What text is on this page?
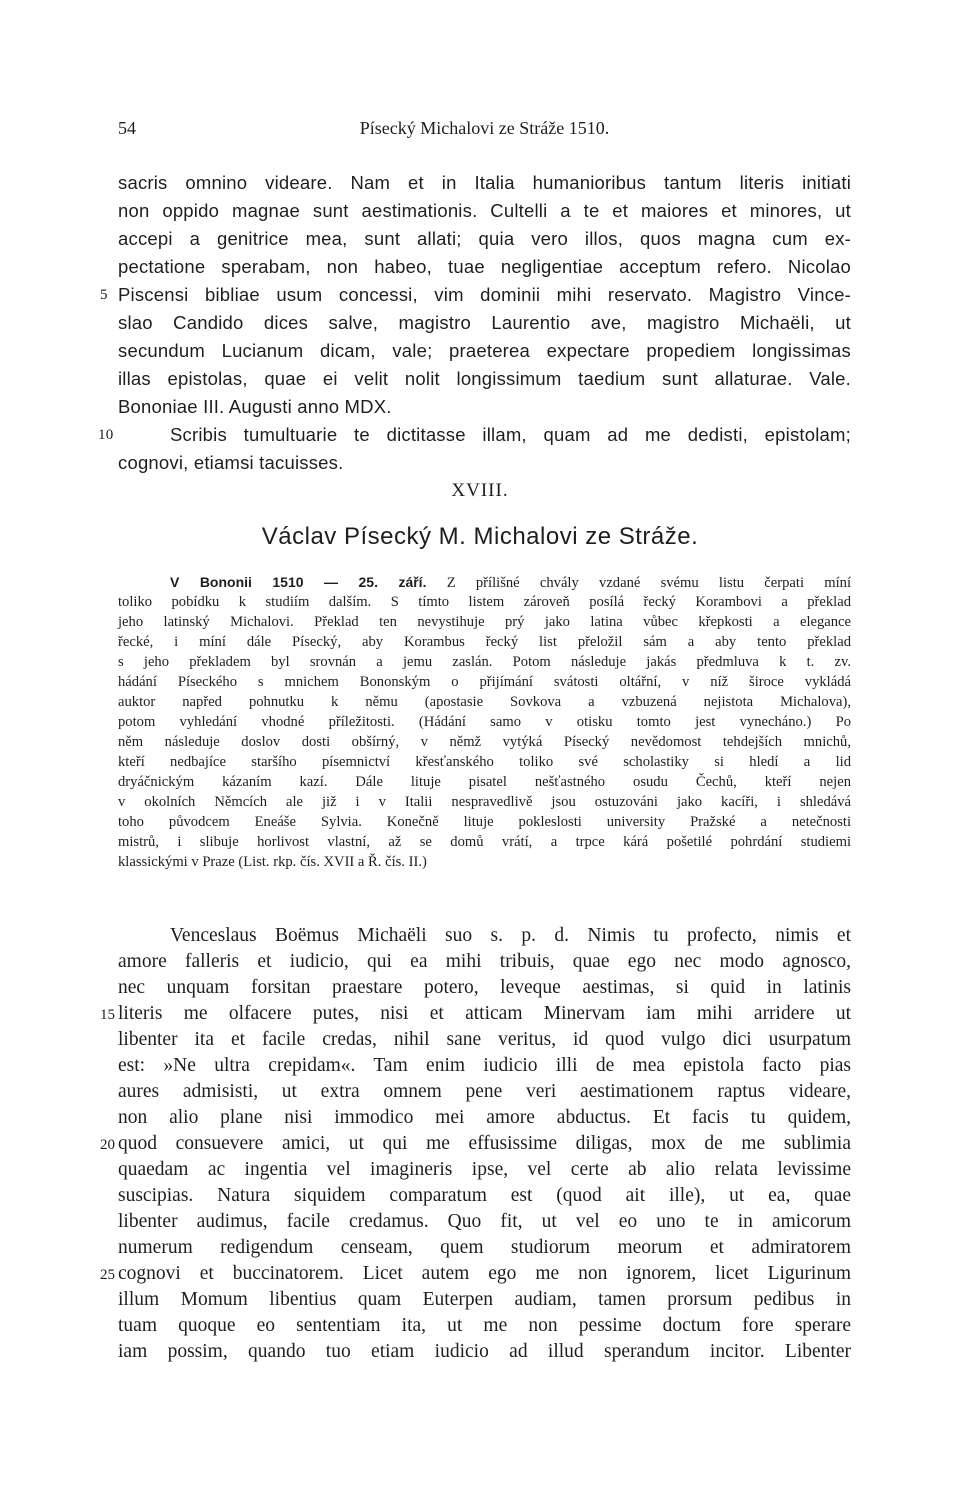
54	Písecký Michalovi ze Stráže 1510.
sacris omnino videare. Nam et in Italia humanioribus tantum literis initiati
non oppido magnae sunt aestimationis. Cultelli a te et maiores et minores, ut
accepi a genitrice mea, sunt allati; quia vero illos, quos magna cum ex-
pectatione sperabam, non habeo, tuae negligentiae acceptum refero. Nicolao
5 Piscensi bibliae usum concessi, vim dominii mihi reservato. Magistro Vince-
slao Candido dices salve, magistro Laurentio ave, magistro Michaëli, ut
secundum Lucianum dicam, vale; praeterea expectare propediem longissimas
illas epistolas, quae ei velit nolit longissimum taedium sunt allaturae. Vale.
Bononiae III. Augusti anno MDX.
10	Scribis tumultuarie te dictitasse illam, quam ad me dedisti, epistolam;
cognovi, etiamsi tacuisses.
XVIII.
Václav Písecký M. Michalovi ze Stráže.
V Bononii 1510 — 25. září. Z přílišné chvály vzdané svému listu čerpati míní
toliko pobídku k studiím dalším. S tímto listem zároveň posílá řecký Korambovi a překlad
jeho latinský Michalovi. Překlad ten nevystihuje prý jako latina vůbec křepkosti a elegance
řecké, i míní dále Písecký, aby Korambus řecký list přeložil sám a aby tento překlad
s jeho překladem byl srovnán a jemu zaslán. Potom následuje jakás předmluva k t. zv.
hádání Píseckého s mnichem Bononským o přijímání svátosti oltářní, v níž široce vykládá
auktor napřed pohnutku k němu (apostasie Sovkova a vzbuzená nejistota Michalova),
potom vyhledání vhodné příležitosti. (Hádání samo v otisku tomto jest vynecháno.) Po
něm následuje doslov dosti obšírný, v němž vytýká Písecký nevědomost tehdejších mnichů,
kteří nedbajíce staršího písemnictví křesťanského toliko své scholastiky si hledí a lid
dryáčnickým kázaním kazí. Dále lituje pisatel nešťastného osudu Čechů, kteří nejen
v okolních Němcích ale již i v Italii nespravedlivě jsou ostuzováni jako kacíři, i shledává
toho původcem Eneáše Sylvia. Konečně lituje pokleslosti university Pražské a netečnosti
mistrů, i slibuje horlivost vlastní, až se domů vrátí, a trpce kárá pošetilé pohrdání studiemi
klassickými v Praze (List. rkp. čís. XVII a Ř. čís. II.)
Venceslaus Boëmus Michaëli suo s. p. d. Nimis tu profecto, nimis et
amore falleris et iudicio, qui ea mihi tribuis, quae ego nec modo agnosco,
nec unquam forsitan praestare potero, leveque aestimas, si quid in latinis
15 literis me olfacere putes, nisi et atticam Minervam iam mihi arridere ut
libenter ita et facile credas, nihil sane veritus, id quod vulgo dici usurpatum
est: »Ne ultra crepidam«. Tam enim iudicio illi de mea epistola facto pias
aures admisisti, ut extra omnem pene veri aestimationem raptus videare,
non alio plane nisi immodico mei amore abductus. Et facis tu quidem,
20 quod consuevere amici, ut qui me effusissime diligas, mox de me sublimia
quaedam ac ingentia vel imagineris ipse, vel certe ab alio relata levissime
suscipias. Natura siquidem comparatum est (quod ait ille), ut ea, quae
libenter audimus, facile credamus. Quo fit, ut vel eo uno te in amicorum
numerum redigendum censeam, quem studiorum meorum et admiratorem
25 cognovi et buccinatorem. Licet autem ego me non ignorem, licet Ligurinum
illum Momum libentius quam Euterpen audiam, tamen prorsum pedibus in
tuam quoque eo sententiam ita, ut me non pessime doctum fore sperare
iam possim, quando tuo etiam iudicio ad illud sperandum incitor. Libenter
